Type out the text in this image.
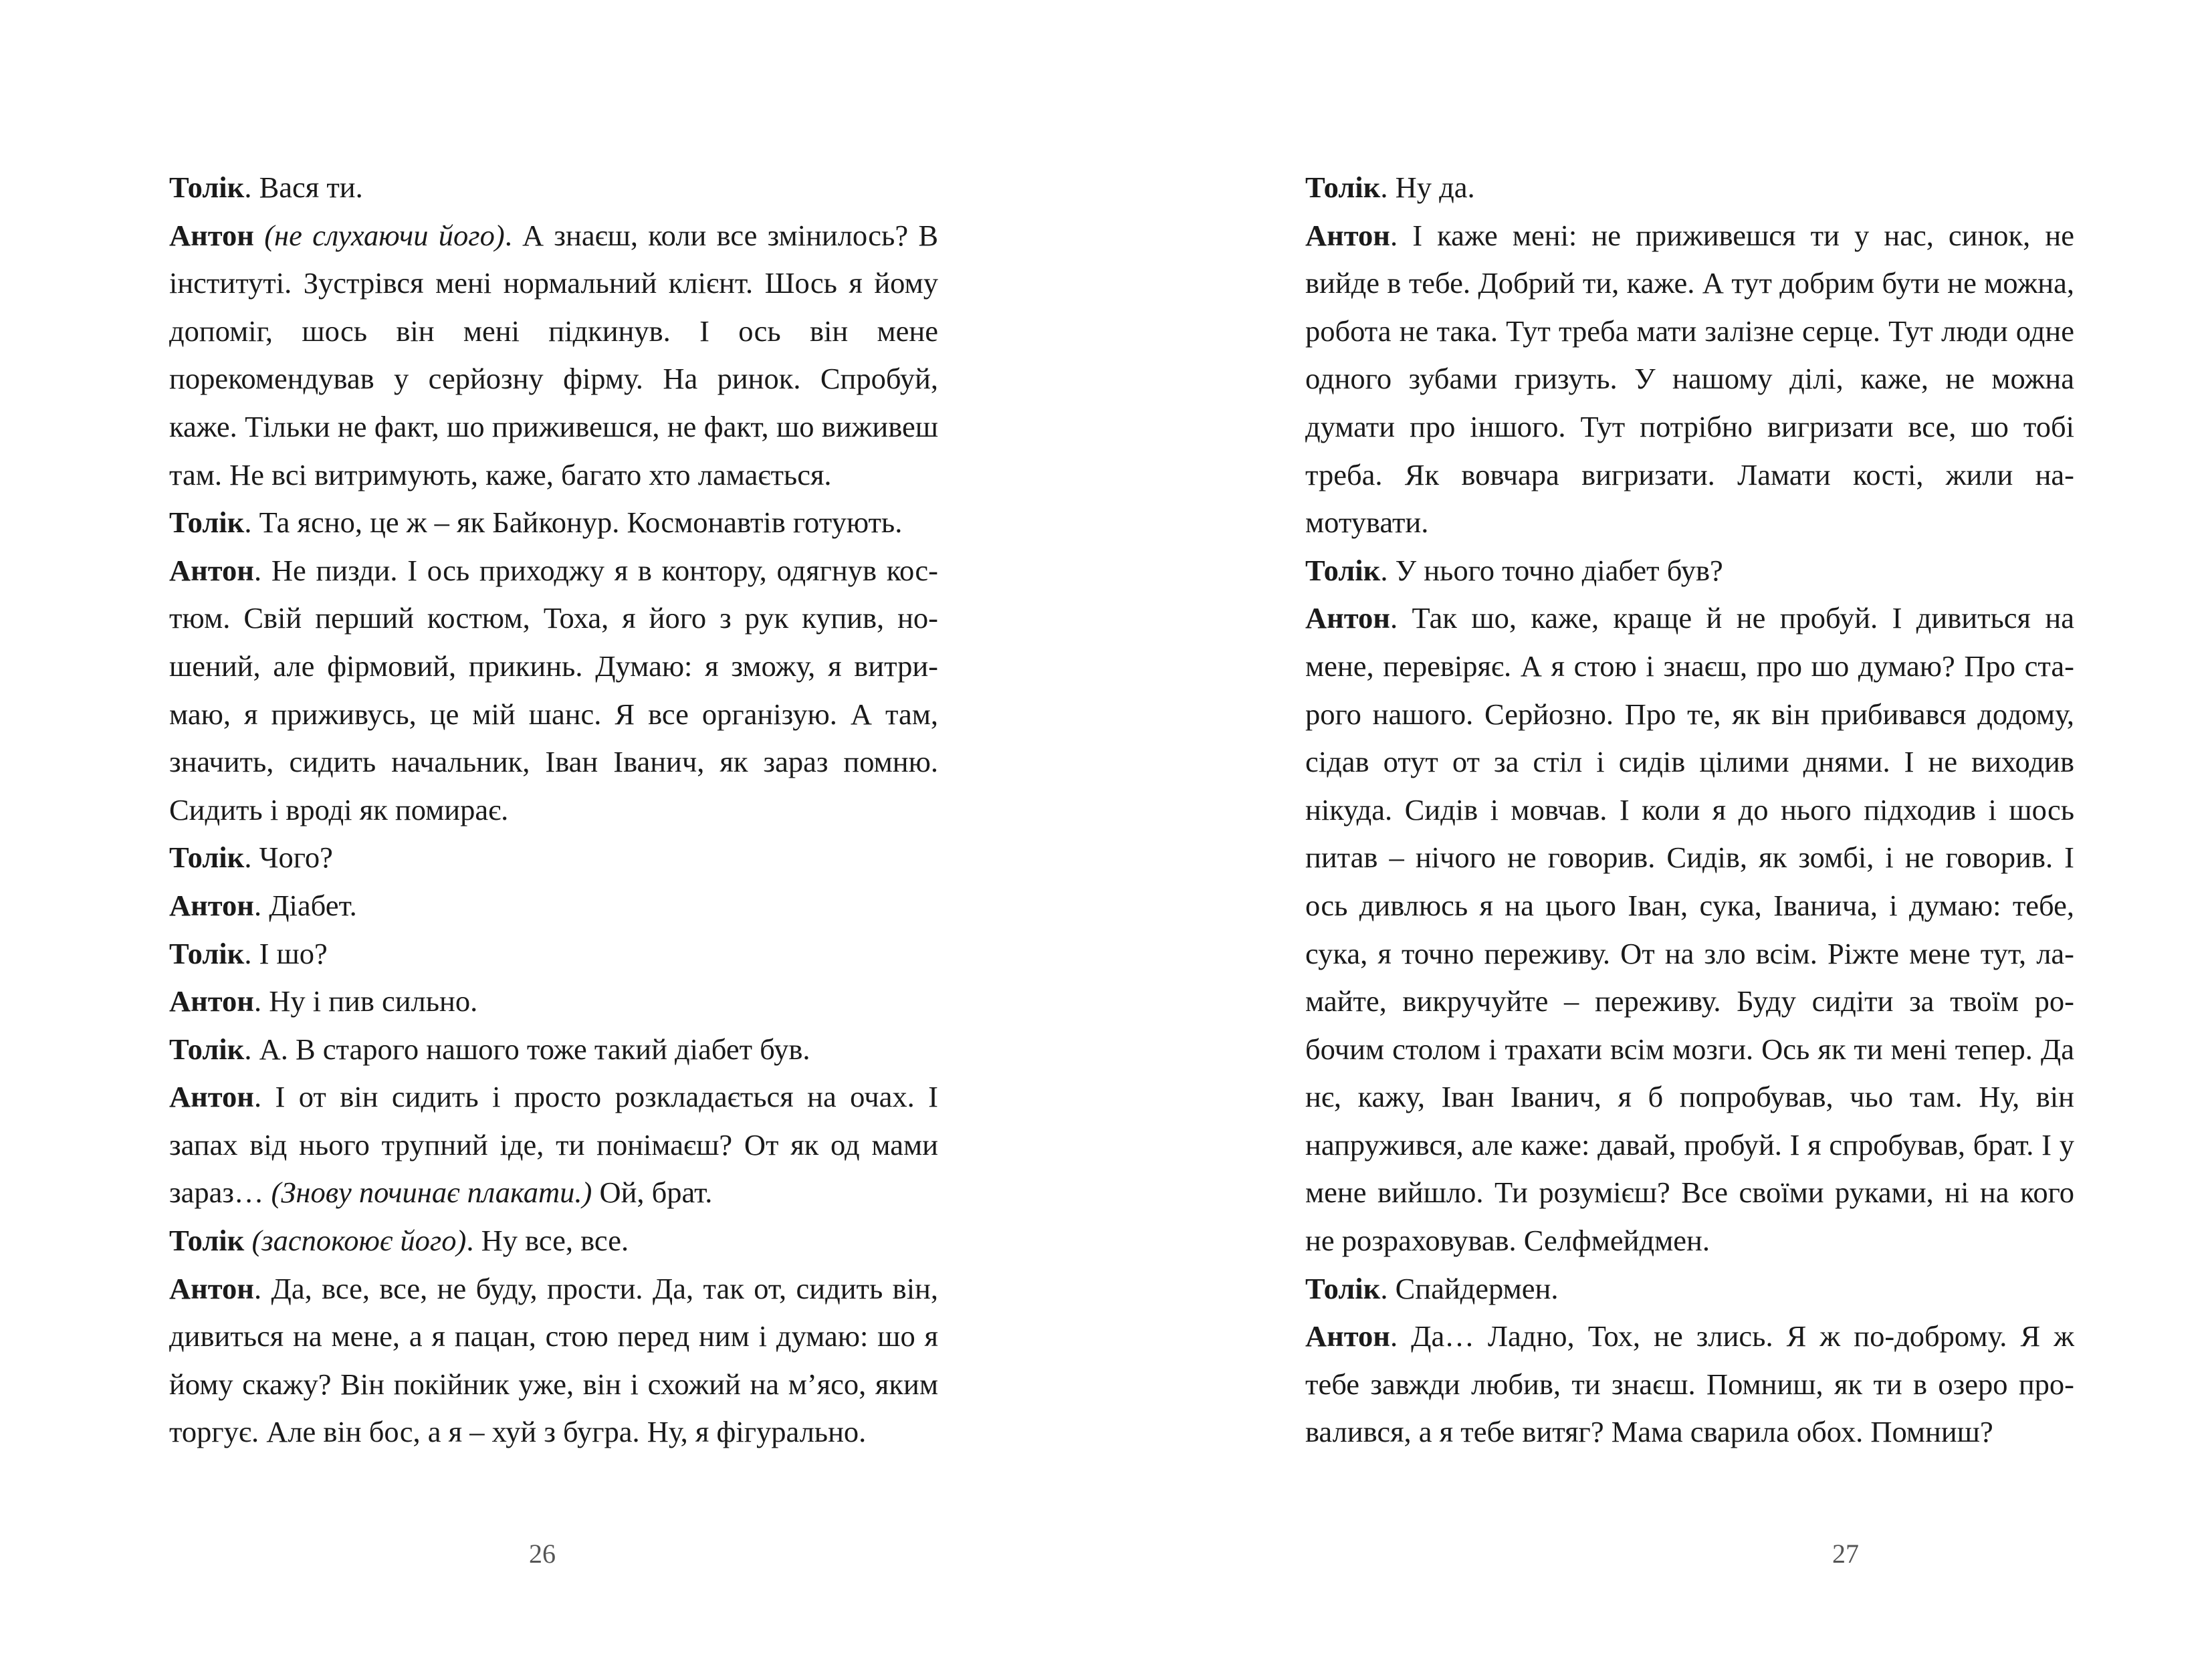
Толік. Вася ти.

Антон (не слухаючи його). А знаєш, коли все змінилось? В інституті. Зустрівся мені нормальний клієнт. Шось я йому допоміг, шось він мені підкинув. І ось він мене порекомендував у серйозну фірму. На ринок. Спробуй, каже. Тільки не факт, шо приживешся, не факт, шо виживеш там. Не всі витримують, каже, багато хто ламається.

Толік. Та ясно, це ж – як Байконур. Космонавтів готують.

Антон. Не пизди. І ось приходжу я в контору, одягнув костюм. Свій перший костюм, Тоха, я його з рук купив, ношений, але фірмовий, прикинь. Думаю: я зможу, я витримаю, я приживусь, це мій шанс. Я все організую. А там, значить, сидить начальник, Іван Іванич, як зараз помню. Сидить і вроді як помирає.

Толік. Чого?

Антон. Діабет.

Толік. І шо?

Антон. Ну і пив сильно.

Толік. А. В старого нашого тоже такий діабет був.

Антон. І от він сидить і просто розкладається на очах. І запах від нього трупний іде, ти понімаєш? От як од мами зараз… (Знову починає плакати.) Ой, брат.

Толік (заспокоює його). Ну все, все.

Антон. Да, все, все, не буду, прости. Да, так от, сидить він, дивиться на мене, а я пацан, стою перед ним і думаю: шо я йому скажу? Він покійник уже, він і схожий на м’ясо, яким торгує. Але він бос, а я – хуй з бугра. Ну, я фігурально.

26

Толік. Ну да.

Антон. І каже мені: не приживешся ти у нас, синок, не вийде в тебе. Добрий ти, каже. А тут добрим бути не можна, робота не така. Тут треба мати залізне серце. Тут люди одне одного зубами гризуть. У нашому ділі, каже, не можна думати про іншого. Тут потрібно вигризати все, шо тобі треба. Як вовчара вигризати. Ламати кості, жили намотувати.

Толік. У нього точно діабет був?

Антон. Так шо, каже, краще й не пробуй. І дивиться на мене, перевіряє. А я стою і знаєш, про шо думаю? Про старого нашого. Серйозно. Про те, як він прибивався додому, сідав отут от за стіл і сидів цілими днями. І не виходив нікуда. Сидів і мовчав. І коли я до нього підходив і шось питав – нічого не говорив. Сидів, як зомбі, і не говорив. І ось дивлюсь я на цього Іван, сука, Іванича, і думаю: тебе, сука, я точно переживу. От на зло всім. Ріжте мене тут, ламайте, викручуйте – переживу. Буду сидіти за твоїм робочим столом і трахати всім мозги. Ось як ти мені тепер. Да нє, кажу, Іван Іванич, я б попробував, чьо там. Ну, він напружився, але каже: давай, пробуй. І я спробував, брат. І у мене вийшло. Ти розумієш? Все своїми руками, ні на кого не розраховував. Селфмейдмен.

Толік. Спайдермен.

Антон. Да… Ладно, Тох, не злись. Я ж по-доброму. Я ж тебе завжди любив, ти знаєш. Помниш, як ти в озеро провалився, а я тебе витяг? Мама сварила обох. Помниш?

27
